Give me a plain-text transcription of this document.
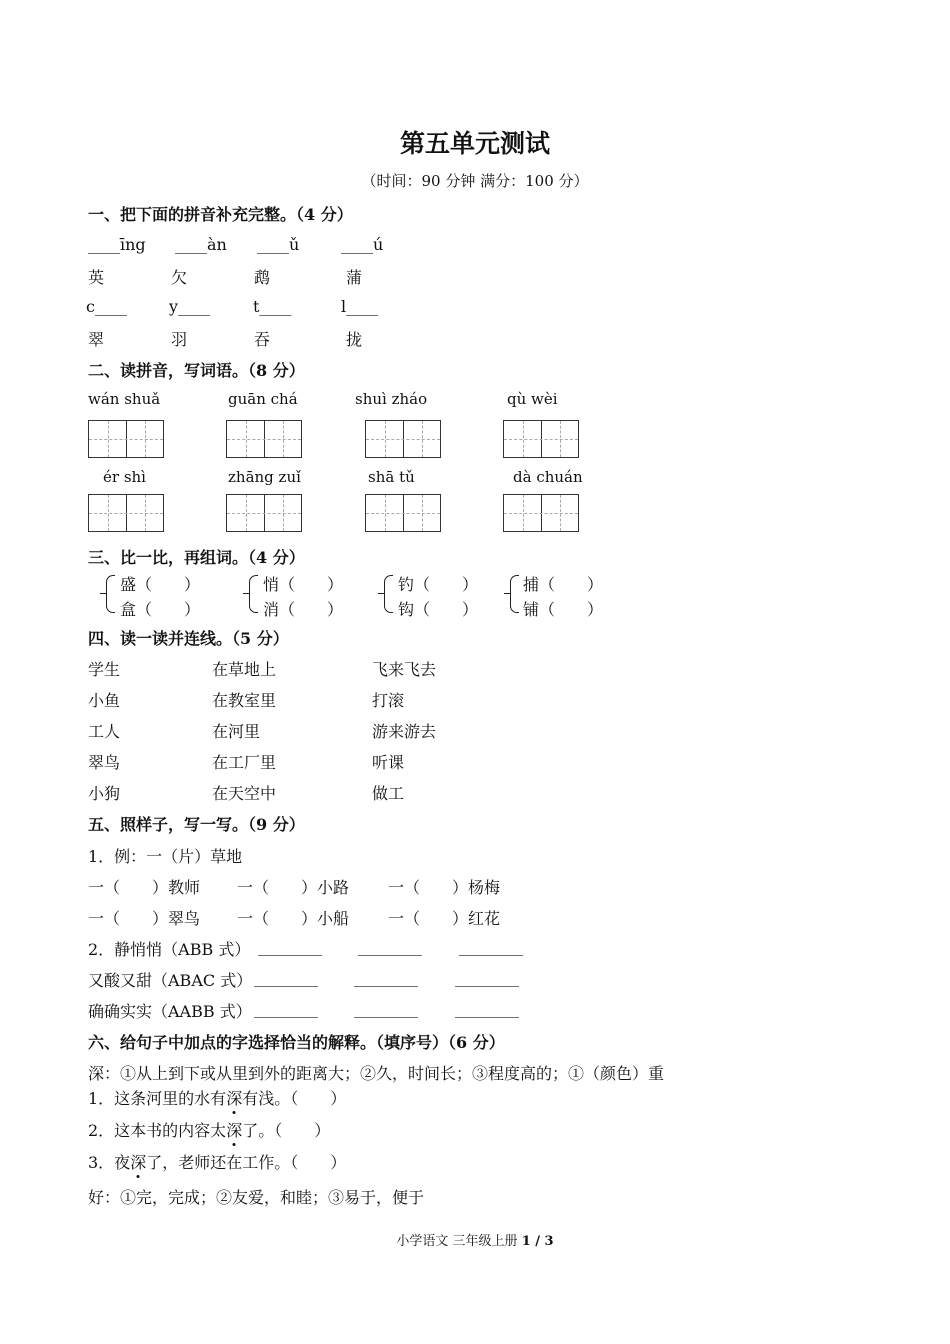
第五单元测试
（时间：90 分钟 满分：100 分）
一、把下面的拼音补充完整。（4 分）
____īng ____àn ____ǔ	____ú
英	欠	鹉	蒲
c____	y____	t____	l____
翠	羽	吞	拢
二、读拼音，写词语。（8 分）
wán shuǎ	guān chá	shuì zháo	qù wèi
ér shì	zhāng zuǐ	shā tǔ	dà chuán
三、比一比，再组词。（4 分）
盛（　　）
盒（　　）
悄（　　）
消（　　）
钓（　　）
钩（　　）
捕（　　）
铺（　　）
四、读一读并连线。（5 分）
学生	在草地上	飞来飞去
小鱼	在教室里	打滚
工人	在河里	游来游去
翠鸟	在工厂里	听课
小狗	在天空中	做工
五、照样子，写一写。（9 分）
1．例：一（片）草地
一（　　）教师 一（　　）小路 一（　　）杨梅
一（　　）翠鸟 一（　　）小船 一（　　）红花
2．静悄悄（ABB 式） ________ ________ ________
又酸又甜（ABAC 式） ________ ________ ________
确确实实（AABB 式） ________ ________ ________
六、给句子中加点的字选择恰当的解释。（填序号）（6 分）
深：①从上到下或从里到外的距离大；②久，时间长；③程度高的；①（颜色）重
1．这条河里的水有深有浅。（　　）
2．这本书的内容太深了。（　　）
3．夜深了，老师还在工作。（　　）
好：①完，完成；②友爱，和睦；③易于，便于
小学语文 三年级上册 1 / 3
